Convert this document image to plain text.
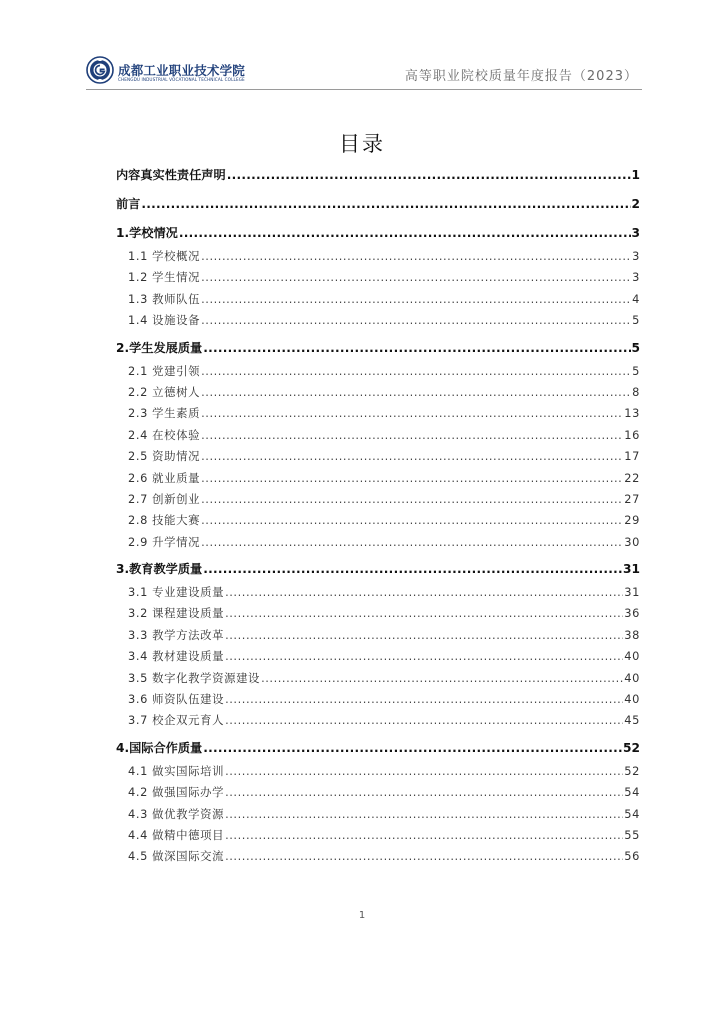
成都工业职业技术学院
CHENGDU INDUSTRIAL VOCATIONAL TECHNICAL COLLEGE	高等职业院校质量年度报告（2023）
目录
内容真实性责任声明 .....	1
前言 .....	2
1.学校情况 .....	3
1.1 学校概况 .....	3
1.2 学生情况 .....	3
1.3 教师队伍 .....	4
1.4 设施设备 .....	5
2.学生发展质量 .....	5
2.1 党建引领 .....	5
2.2 立德树人 .....	8
2.3 学生素质 .....	13
2.4 在校体验 .....	16
2.5 资助情况 .....	17
2.6 就业质量 .....	22
2.7 创新创业 .....	27
2.8 技能大赛 .....	29
2.9 升学情况 .....	30
3.教育教学质量 .....	31
3.1 专业建设质量 .....	31
3.2 课程建设质量 .....	36
3.3 教学方法改革 .....	38
3.4 教材建设质量 .....	40
3.5 数字化教学资源建设 .....	40
3.6 师资队伍建设 .....	40
3.7 校企双元育人 .....	45
4.国际合作质量 .....	52
4.1 做实国际培训 .....	52
4.2 做强国际办学 .....	54
4.3 做优教学资源 .....	54
4.4 做精中德项目 .....	55
4.5 做深国际交流 .....	56
1
